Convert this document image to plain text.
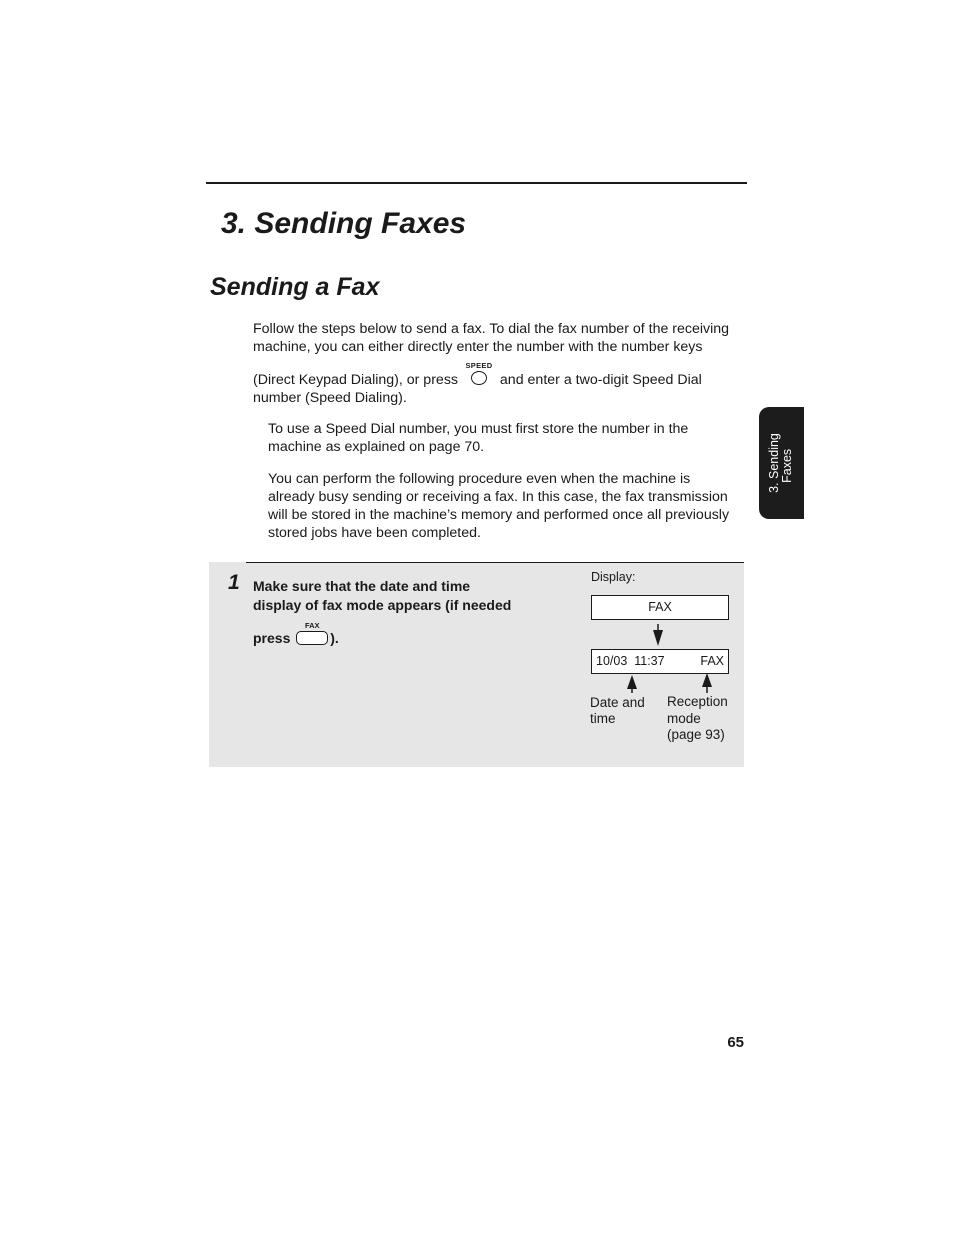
3. Sending Faxes
Sending a Fax

Follow the steps below to send a fax. To dial the fax number of the receiving machine, you can either directly enter the number with the number keys

(Direct Keypad Dialing), or press
SPEED
and enter a two-digit Speed Dial

number (Speed Dialing).

To use a Speed Dial number, you must first store the number in the machine as explained on page 70.

You can perform the following procedure even when the machine is already busy sending or receiving a fax. In this case, the fax transmission will be stored in the machine’s memory and performed once all previously stored jobs have been completed.

1 Make sure that the date and time
display of fax mode appears (if needed
press
FAX
).
Display:
FAX
10/03  11:37	FAX
Date and
time
Reception
mode
(page 93)
3. Sending Faxes
65
